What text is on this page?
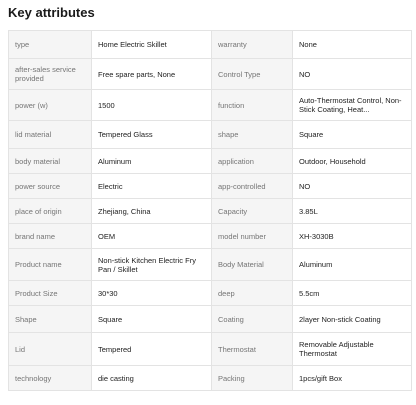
Key attributes
type	Home Electric Skillet	warranty	None
after-sales service provided	Free spare parts, None	Control Type	NO
power (w)	1500	function	Auto-Thermostat Control, Non-Stick Coating, Heat...
lid material	Tempered Glass	shape	Square
body material	Aluminum	application	Outdoor, Household
power source	Electric	app-controlled	NO
place of origin	Zhejiang, China	Capacity	3.85L
brand name	OEM	model number	XH-3030B
Product name	Non-stick Kitchen Electric Fry Pan / Skillet	Body Material	Aluminum
Product Size	30*30	deep	5.5cm
Shape	Square	Coating	2layer Non-stick Coating
Lid	Tempered	Thermostat	Removable Adjustable Thermostat
technology	die casting	Packing	1pcs/gift Box
